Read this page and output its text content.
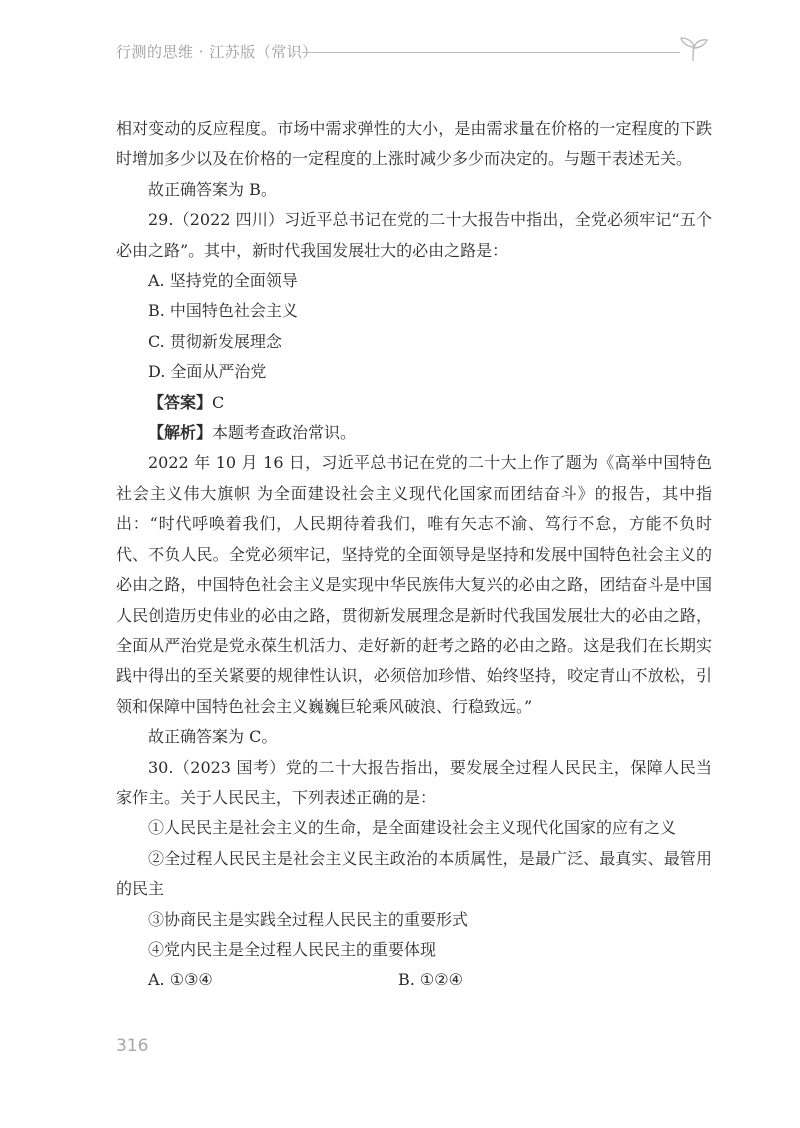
行测的思维 · 江苏版（常识）

相对变动的反应程度。市场中需求弹性的大小，是由需求量在价格的一定程度的下跌时增加多少以及在价格的一定程度的上涨时减少多少而决定的。与题干表述无关。

故正确答案为 B。

29.（2022 四川）习近平总书记在党的二十大报告中指出，全党必须牢记“五个必由之路”。其中，新时代我国发展壮大的必由之路是：

A. 坚持党的全面领导

B. 中国特色社会主义

C. 贯彻新发展理念

D. 全面从严治党

【答案】C

【解析】本题考查政治常识。

2022 年 10 月 16 日，习近平总书记在党的二十大上作了题为《高举中国特色社会主义伟大旗帜 为全面建设社会主义现代化国家而团结奋斗》的报告，其中指出：“时代呼唤着我们，人民期待着我们，唯有矢志不渝、笃行不怠，方能不负时代、不负人民。全党必须牢记，坚持党的全面领导是坚持和发展中国特色社会主义的必由之路，中国特色社会主义是实现中华民族伟大复兴的必由之路，团结奋斗是中国人民创造历史伟业的必由之路，贯彻新发展理念是新时代我国发展壮大的必由之路，全面从严治党是党永葆生机活力、走好新的赶考之路的必由之路。这是我们在长期实践中得出的至关紧要的规律性认识，必须倍加珍惜、始终坚持，咬定青山不放松，引领和保障中国特色社会主义巍巍巨轮乘风破浪、行稳致远。”

故正确答案为 C。

30.（2023 国考）党的二十大报告指出，要发展全过程人民民主，保障人民当家作主。关于人民民主，下列表述正确的是：

①人民民主是社会主义的生命，是全面建设社会主义现代化国家的应有之义

②全过程人民民主是社会主义民主政治的本质属性，是最广泛、最真实、最管用的民主

③协商民主是实践全过程人民民主的重要形式

④党内民主是全过程人民民主的重要体现

A. ①③④	B. ①②④
316
